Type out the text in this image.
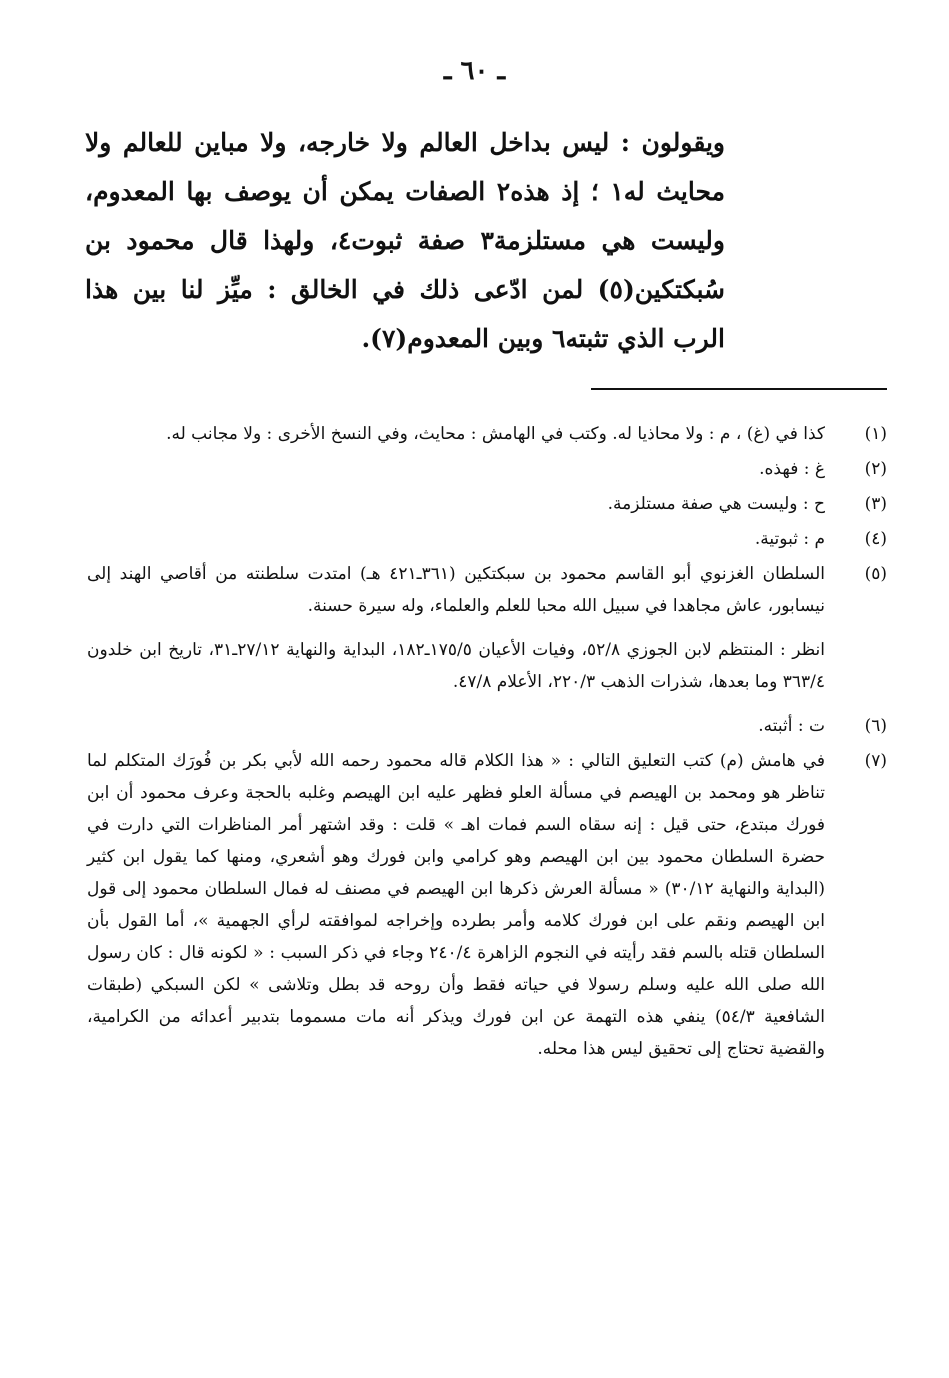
ـ ٦٠ ـ

ويقولون : ليس بداخل العالم ولا خارجه، ولا مباين للعالم ولا محايث له١ ؛ إذ هذه٢ الصفات يمكن أن يوصف بها المعدوم، وليست هي مستلزمة٣ صفة ثبوت٤، ولهذا قال محمود بن سُبكتكين(٥) لمن ادّعى ذلك في الخالق : ميِّز لنا بين هذا الرب الذي تثبته٦ وبين المعدوم(٧).

(١)
كذا في (غ) ، م : ولا محاذيا له. وكتب في الهامش : محايث، وفي النسخ الأخرى : ولا مجانب له.
(٢)
غ : فهذه.
(٣)
ح : وليست هي صفة مستلزمة.
(٤)
م : ثبوتية.
(٥)
السلطان الغزنوي أبو القاسم محمود بن سبكتكين (٣٦١ـ٤٢١ هـ) امتدت سلطنته من أقاصي الهند إلى نيسابور، عاش مجاهدا في سبيل الله محبا للعلم والعلماء، وله سيرة حسنة.
انظر : المنتظم لابن الجوزي ٥٢/٨، وفيات الأعيان ١٧٥/٥ـ١٨٢، البداية والنهاية ٢٧/١٢ـ٣١، تاريخ ابن خلدون ٣٦٣/٤ وما بعدها، شذرات الذهب ٢٢٠/٣، الأعلام ٤٧/٨.
(٦)
ت : أثبته.
(٧)
في هامش (م) كتب التعليق التالي : « هذا الكلام قاله محمود رحمه الله لأبي بكر بن فُورَك المتكلم لما تناظر هو ومحمد بن الهيصم في مسألة العلو فظهر عليه ابن الهيصم وغلبه بالحجة وعرف محمود أن ابن فورك مبتدع، حتى قيل : إنه سقاه السم فمات اهـ » قلت : وقد اشتهر أمر المناظرات التي دارت في حضرة السلطان محمود بين ابن الهيصم وهو كرامي وابن فورك وهو أشعري، ومنها كما يقول ابن كثير (البداية والنهاية ٣٠/١٢) « مسألة العرش ذكرها ابن الهيصم في مصنف له فمال السلطان محمود إلى قول ابن الهيصم ونقم على ابن فورك كلامه وأمر بطرده وإخراجه لموافقته لرأي الجهمية »، أما القول بأن السلطان قتله بالسم فقد رأيته في النجوم الزاهرة ٢٤٠/٤ وجاء في ذكر السبب : « لكونه قال : كان رسول الله صلى الله عليه وسلم رسولا في حياته فقط وأن روحه قد بطل وتلاشى » لكن السبكي (طبقات الشافعية ٥٤/٣) ينفي هذه التهمة عن ابن فورك ويذكر أنه مات مسموما بتدبير أعدائه من الكرامية، والقضية تحتاج إلى تحقيق ليس هذا محله.
